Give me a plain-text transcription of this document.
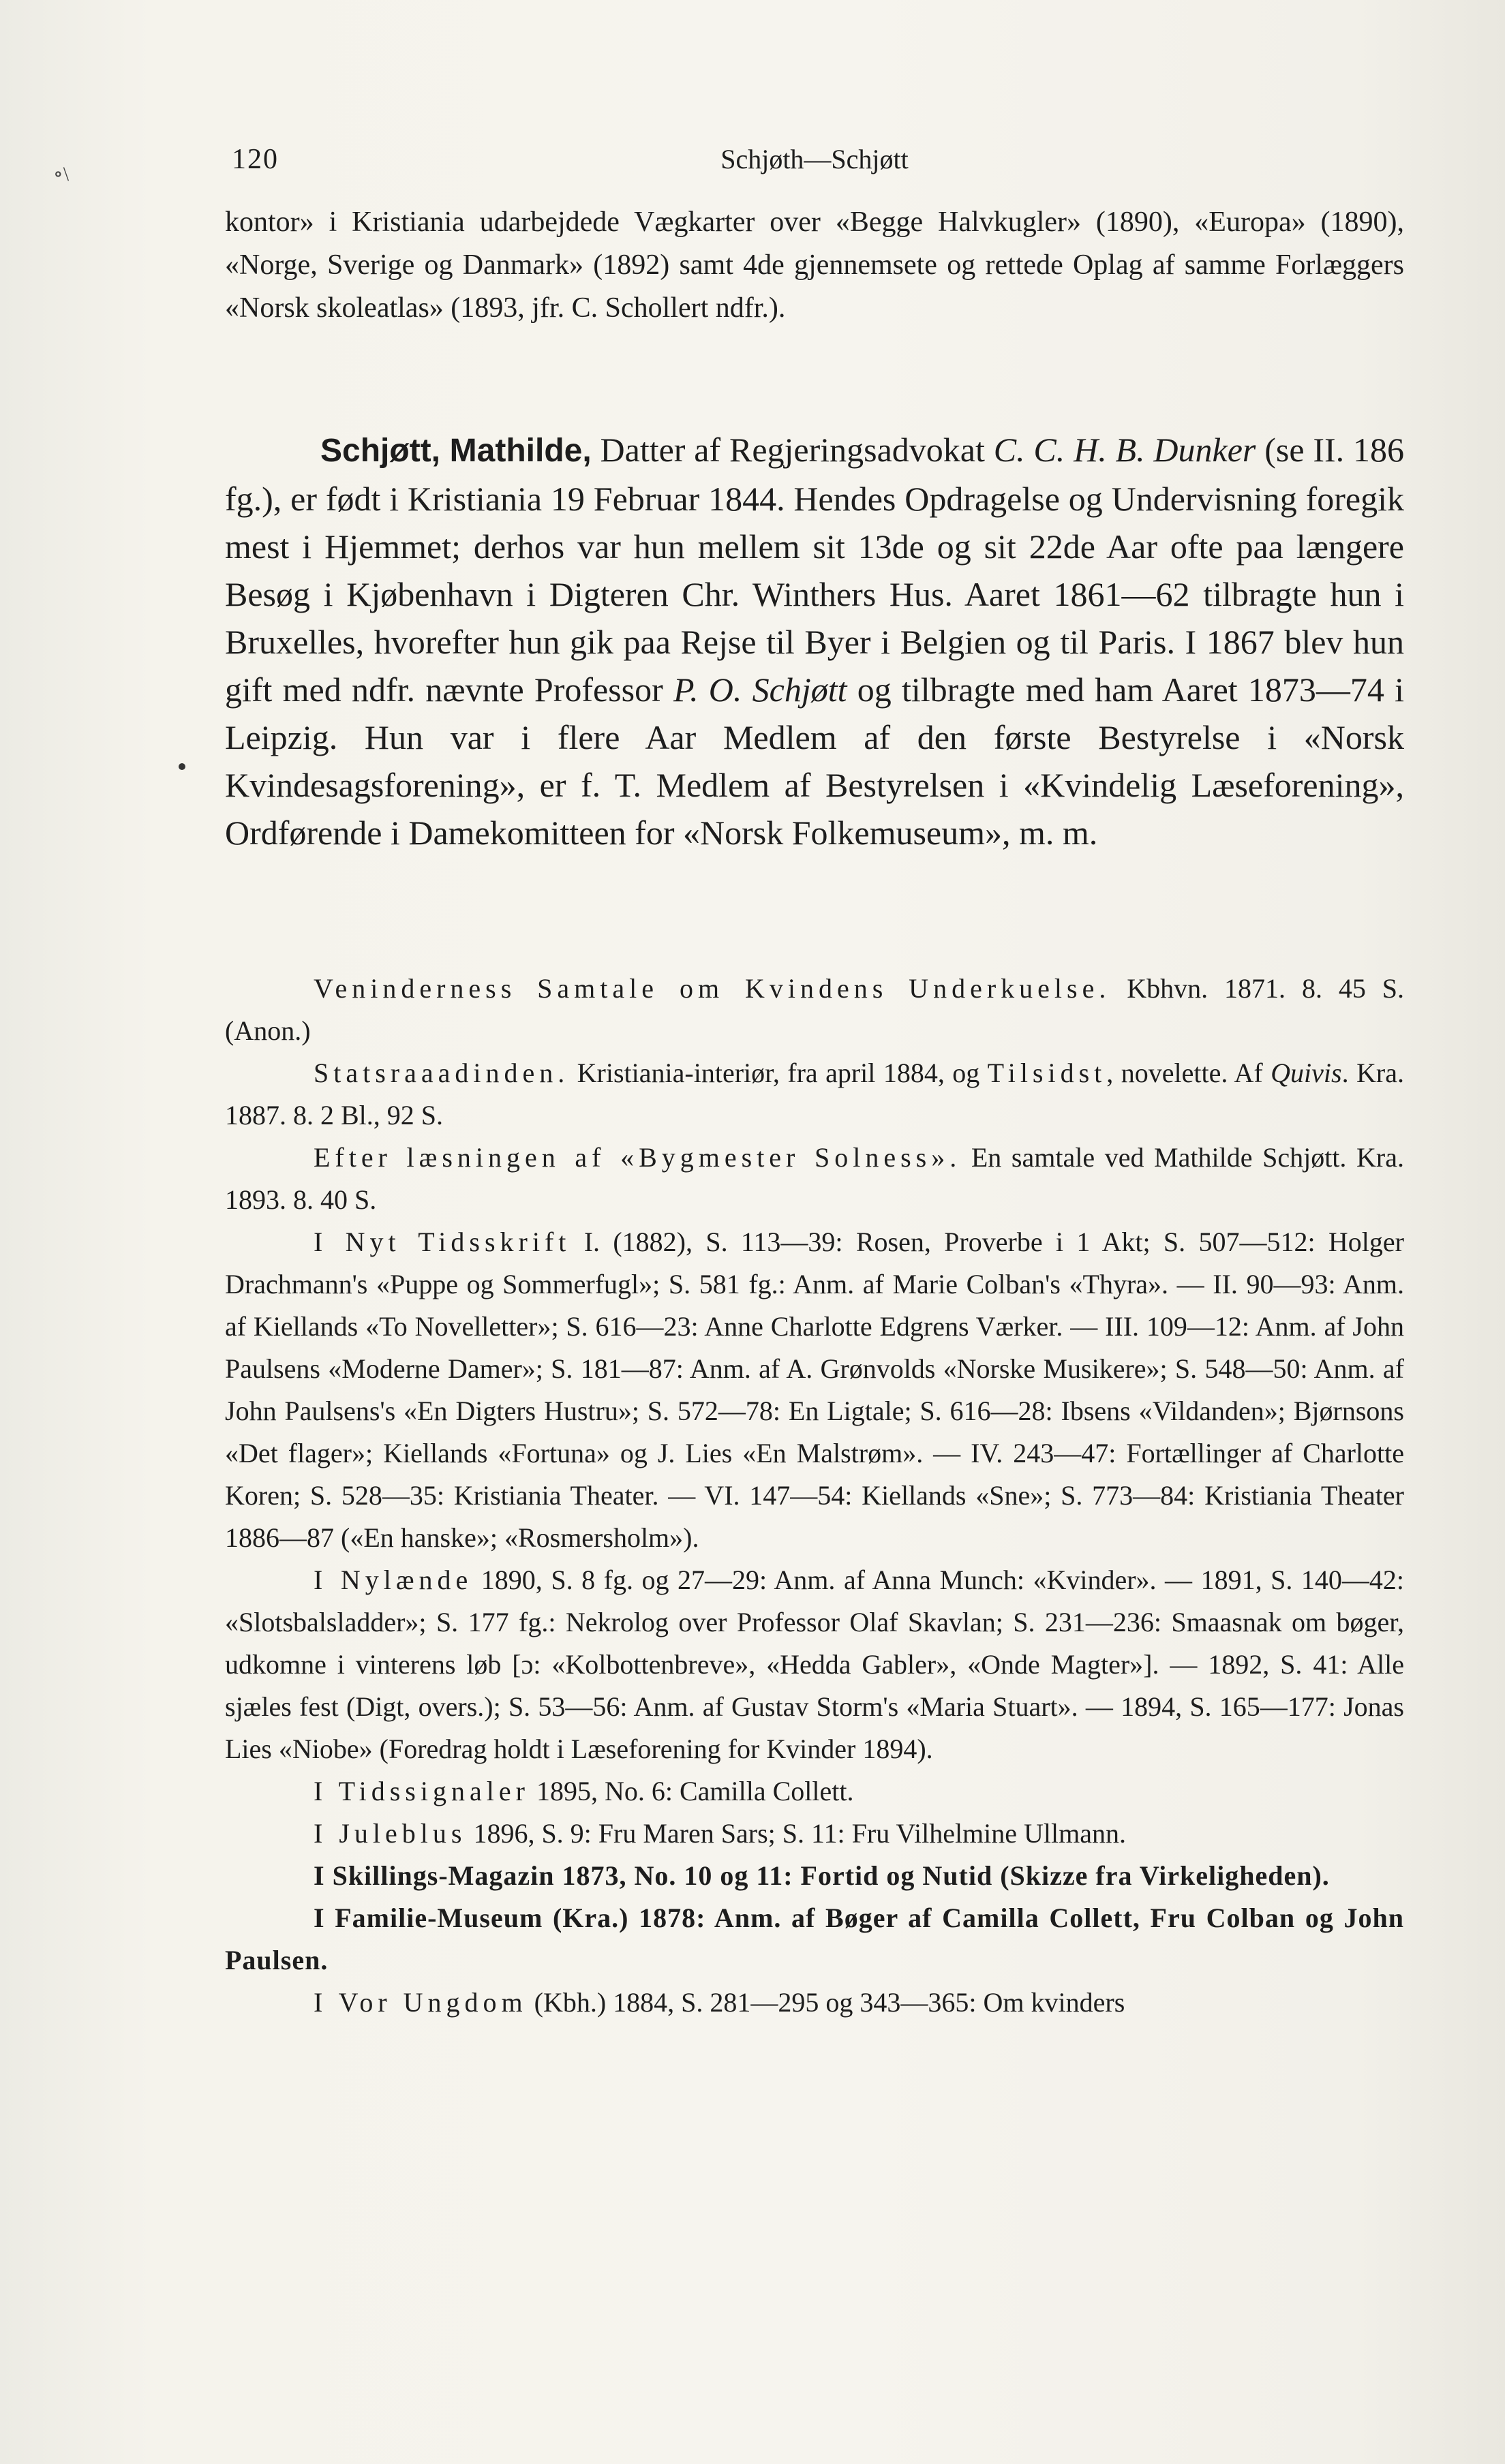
∘\	120	Schjøth—Schjøtt
kontor» i Kristiania udarbejdede Vægkarter over «Begge Halvkugler» (1890), «Europa» (1890), «Norge, Sverige og Danmark» (1892) samt 4de gjennemsete og rettede Oplag af samme Forlæggers «Norsk skoleatlas» (1893, jfr. C. Schollert ndfr.).

Schjøtt, Mathilde, Datter af Regjeringsadvokat C. C. H. B. Dunker (se II. 186 fg.), er født i Kristiania 19 Februar 1844. Hendes Opdragelse og Undervisning foregik mest i Hjemmet; derhos var hun mellem sit 13de og sit 22de Aar ofte paa længere Besøg i Kjøbenhavn i Digteren Chr. Winthers Hus. Aaret 1861—62 tilbragte hun i Bruxelles, hvorefter hun gik paa Rejse til Byer i Belgien og til Paris. I 1867 blev hun gift med ndfr. nævnte Professor P. O. Schjøtt og tilbragte med ham Aaret 1873—74 i Leipzig. Hun var i flere Aar Medlem af den første Bestyrelse i «Norsk Kvindesagsforening», er f. T. Medlem af Bestyrelsen i «Kvindelig Læseforening», Ordførende i Damekomitteen for «Norsk Folkemuseum», m. m.

Veninderness Samtale om Kvindens Underkuelse. Kbhvn. 1871. 8. 45 S. (Anon.)

Statsraaadinden. Kristiania-interiør, fra april 1884, og Tilsidst, novelette. Af Quivis. Kra. 1887. 8. 2 Bl., 92 S.

Efter læsningen af «Bygmester Solness». En samtale ved Mathilde Schjøtt. Kra. 1893. 8. 40 S.

I Nyt Tidsskrift I. (1882), S. 113—39: Rosen, Proverbe i 1 Akt; S. 507—512: Holger Drachmann's «Puppe og Sommerfugl»; S. 581 fg.: Anm. af Marie Colban's «Thyra». — II. 90—93: Anm. af Kiellands «To Novelletter»; S. 616—23: Anne Charlotte Edgrens Værker. — III. 109—12: Anm. af John Paulsens «Moderne Damer»; S. 181—87: Anm. af A. Grønvolds «Norske Musikere»; S. 548—50: Anm. af John Paulsens's «En Digters Hustru»; S. 572—78: En Ligtale; S. 616—28: Ibsens «Vildanden»; Bjørnsons «Det flager»; Kiellands «Fortuna» og J. Lies «En Malstrøm». — IV. 243—47: Fortællinger af Charlotte Koren; S. 528—35: Kristiania Theater. — VI. 147—54: Kiellands «Sne»; S. 773—84: Kristiania Theater 1886—87 («En hanske»; «Rosmersholm»).

I Nylænde 1890, S. 8 fg. og 27—29: Anm. af Anna Munch: «Kvinder». — 1891, S. 140—42: «Slotsbalsladder»; S. 177 fg.: Nekrolog over Professor Olaf Skavlan; S. 231—236: Smaasnak om bøger, udkomne i vinterens løb [ɔ: «Kolbottenbreve», «Hedda Gabler», «Onde Magter»]. — 1892, S. 41: Alle sjæles fest (Digt, overs.); S. 53—56: Anm. af Gustav Storm's «Maria Stuart». — 1894, S. 165—177: Jonas Lies «Niobe» (Foredrag holdt i Læseforening for Kvinder 1894).

I Tidssignaler 1895, No. 6: Camilla Collett.

I Juleblus 1896, S. 9: Fru Maren Sars; S. 11: Fru Vilhelmine Ullmann.

I Skillings-Magazin 1873, No. 10 og 11: Fortid og Nutid (Skizze fra Virkeligheden).

I Familie-Museum (Kra.) 1878: Anm. af Bøger af Camilla Collett, Fru Colban og John Paulsen.

I Vor Ungdom (Kbh.) 1884, S. 281—295 og 343—365: Om kvinders
